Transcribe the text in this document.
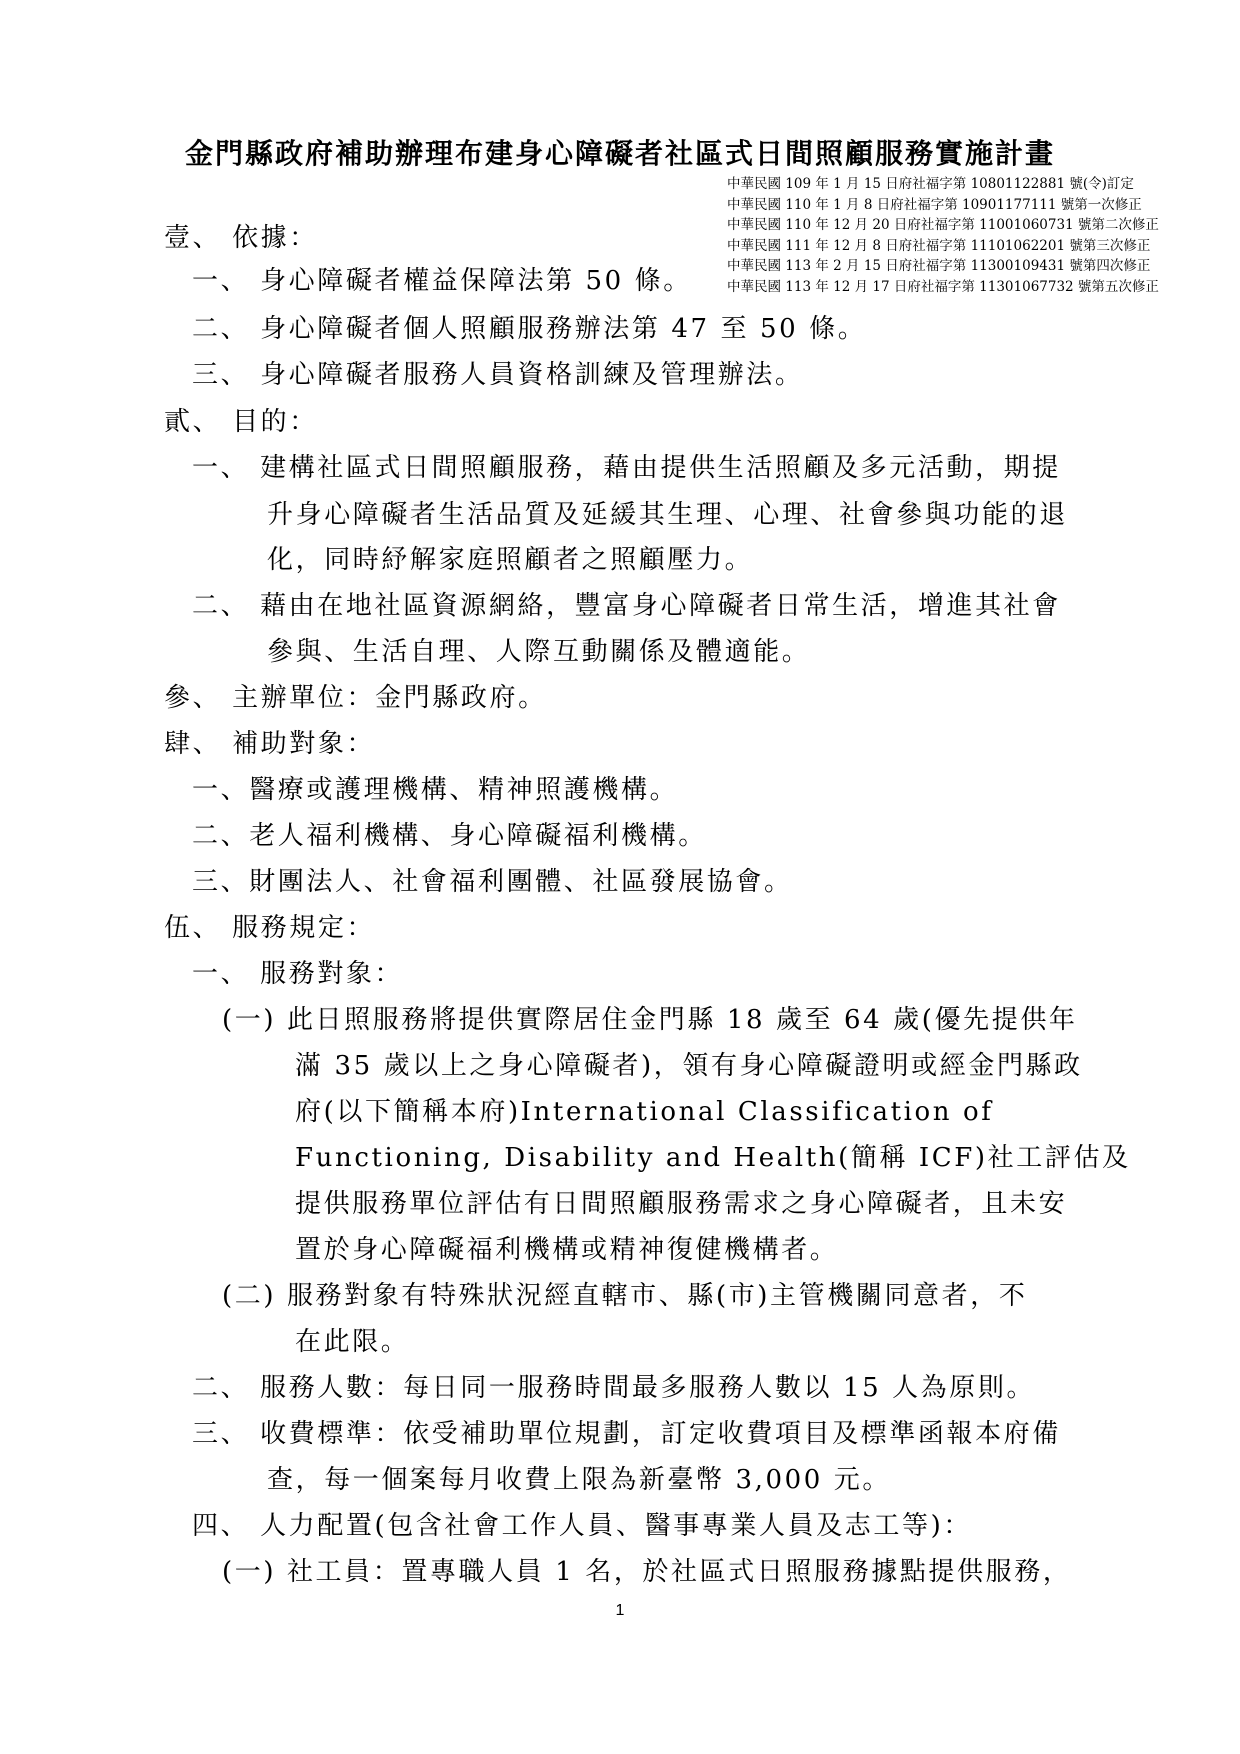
金門縣政府補助辦理布建身心障礙者社區式日間照顧服務實施計畫
中華民國 109 年 1 月 15 日府社福字第 10801122881 號(令)訂定
中華民國 110 年 1 月 8 日府社福字第 10901177111 號第一次修正
中華民國 110 年 12 月 20 日府社福字第 11001060731 號第二次修正
中華民國 111 年 12 月 8 日府社福字第 11101062201 號第三次修正
中華民國 113 年 2 月 15 日府社福字第 11300109431 號第四次修正
中華民國 113 年 12 月 17 日府社福字第 11301067732 號第五次修正
壹、 依據：
一、 身心障礙者權益保障法第 50 條。
二、 身心障礙者個人照顧服務辦法第 47 至 50 條。
三、 身心障礙者服務人員資格訓練及管理辦法。
貳、 目的：
一、 建構社區式日間照顧服務，藉由提供生活照顧及多元活動，期提
升身心障礙者生活品質及延緩其生理、心理、社會參與功能的退
化，同時紓解家庭照顧者之照顧壓力。
二、 藉由在地社區資源網絡，豐富身心障礙者日常生活，增進其社會
參與、生活自理、人際互動關係及體適能。
參、 主辦單位：金門縣政府。
肆、 補助對象：
一、醫療或護理機構、精神照護機構。
二、老人福利機構、身心障礙福利機構。
三、財團法人、社會福利團體、社區發展協會。
伍、 服務規定：
一、 服務對象：
(一) 此日照服務將提供實際居住金門縣 18 歲至 64 歲(優先提供年
滿 35 歲以上之身心障礙者)，領有身心障礙證明或經金門縣政
府(以下簡稱本府)International Classification of
Functioning, Disability and Health(簡稱 ICF)社工評估及
提供服務單位評估有日間照顧服務需求之身心障礙者，且未安
置於身心障礙福利機構或精神復健機構者。
(二) 服務對象有特殊狀況經直轄市、縣(市)主管機關同意者，不
在此限。
二、 服務人數：每日同一服務時間最多服務人數以 15 人為原則。
三、 收費標準：依受補助單位規劃，訂定收費項目及標準函報本府備
查，每一個案每月收費上限為新臺幣 3,000 元。
四、 人力配置(包含社會工作人員、醫事專業人員及志工等)：
(一) 社工員：置專職人員 1 名，於社區式日照服務據點提供服務，
1
